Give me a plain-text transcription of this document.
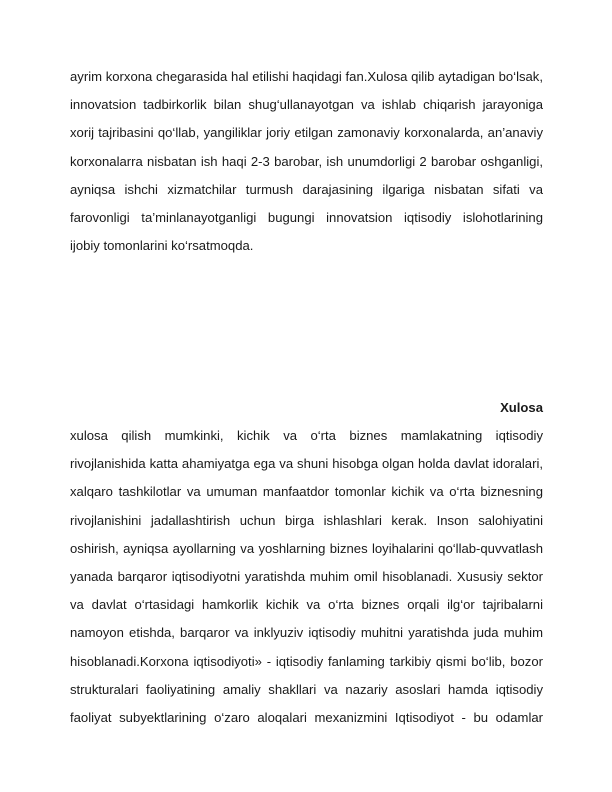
ayrim korxona chegarasida hal etilishi haqidagi fan.Xulosa qilib aytadigan bo‘lsak,
innovatsion tadbirkorlik bilan shug‘ullanayotgan va ishlab chiqarish jarayoniga
xorij tajribasini qo‘llab, yangiliklar joriy etilgan zamonaviy korxonalarda, an’anaviy
korxonalarra nisbatan ish haqi 2-3 barobar, ish unumdorligi 2 barobar oshganligi,
ayniqsa ishchi xizmatchilar turmush darajasining ilgariga nisbatan sifati va
farovonligi ta’minlanayotganligi bugungi innovatsion iqtisodiy islohotlarining
ijobiy tomonlarini ko‘rsatmoqda.
Xulosa
xulosa qilish mumkinki, kichik va o‘rta biznes mamlakatning iqtisodiy
rivojlanishida katta ahamiyatga ega va shuni hisobga olgan holda davlat idoralari,
xalqaro tashkilotlar va umuman manfaatdor tomonlar kichik va o‘rta biznesning
rivojlanishini jadallashtirish uchun birga ishlashlari kerak. Inson salohiyatini
oshirish, ayniqsa ayollarning va yoshlarning biznes loyihalarini qo‘llab-quvvatlash
yanada barqaror iqtisodiyotni yaratishda muhim omil hisoblanadi. Xususiy sektor
va davlat o‘rtasidagi hamkorlik kichik va o‘rta biznes orqali ilg‘or tajribalarni
namoyon etishda, barqaror va inklyuziv iqtisodiy muhitni yaratishda juda muhim
hisoblanadi.Korxona iqtisodiyoti» - iqtisodiy fanlaming tarkibiy qismi bo‘lib, bozor
strukturalari faoliyatining amaliy shakllari va nazariy asoslari hamda iqtisodiy
faoliyat subyektlarining o‘zaro aloqalari mexanizmini Iqtisodiyot - bu odamlar
